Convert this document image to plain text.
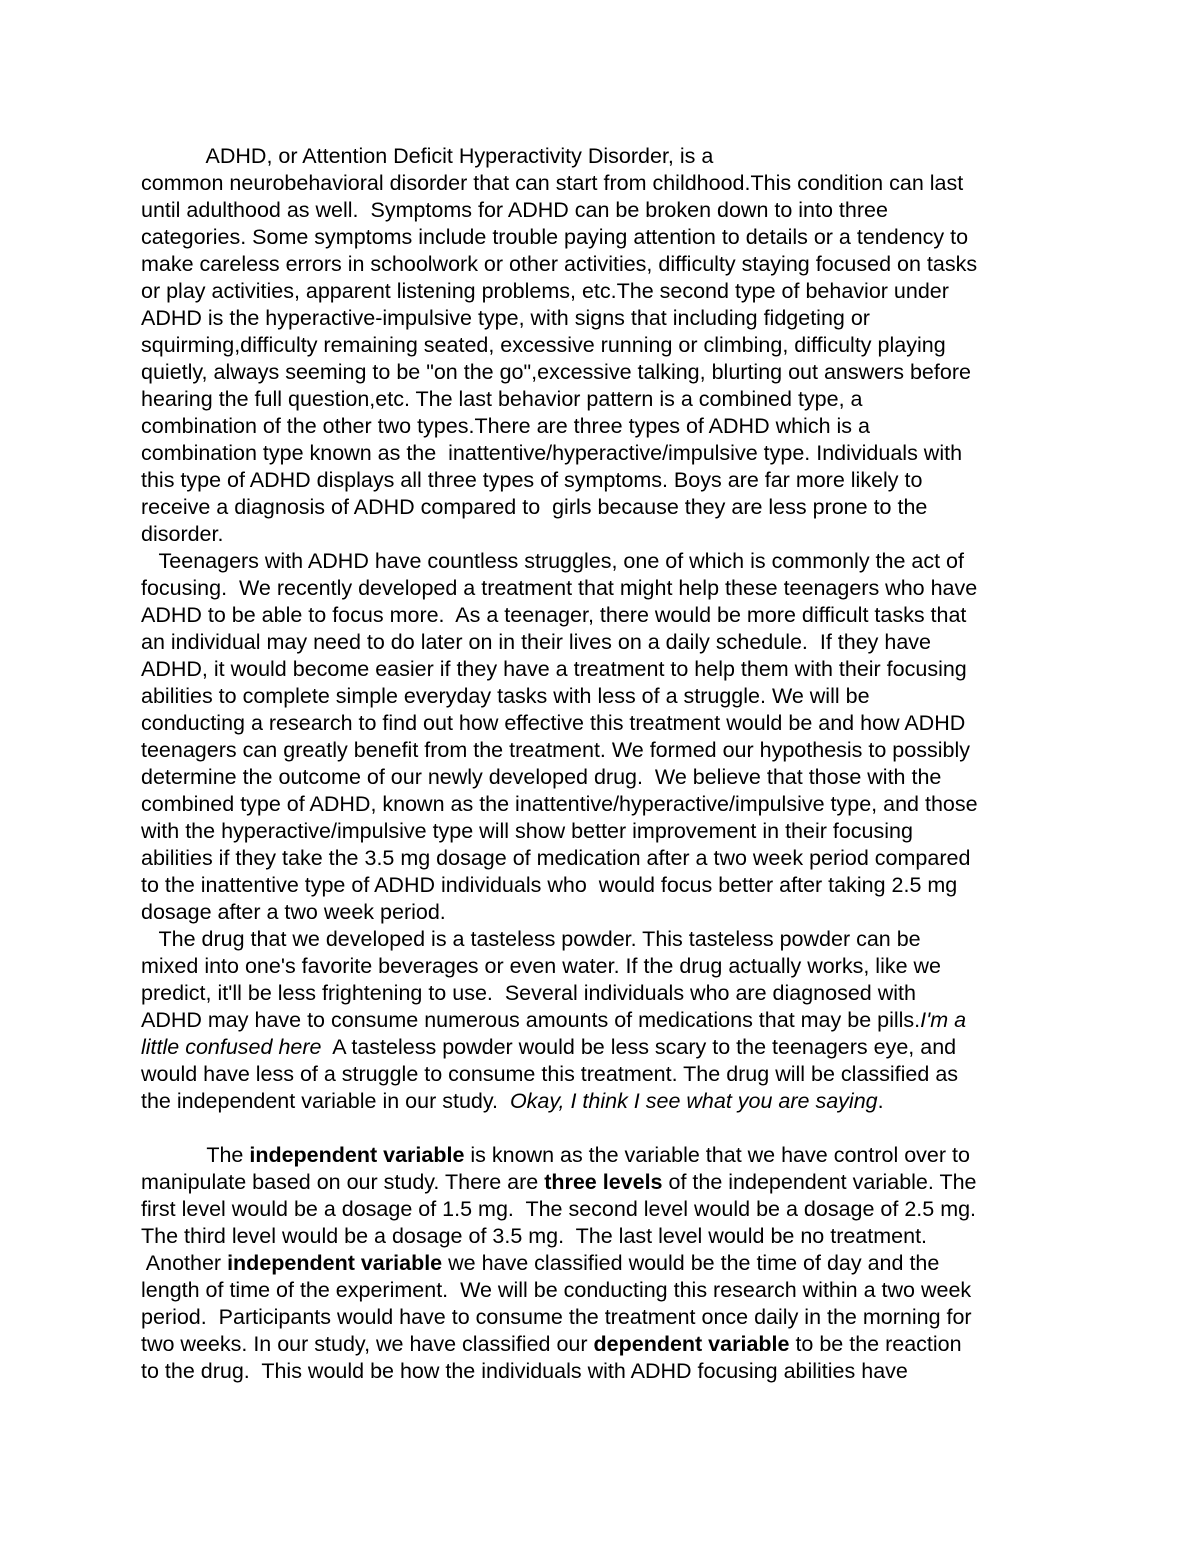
ADHD, or Attention Deficit Hyperactivity Disorder, is a
common neurobehavioral disorder that can start from childhood.This condition can last
until adulthood as well.  Symptoms for ADHD can be broken down to into three
categories. Some symptoms include trouble paying attention to details or a tendency to
make careless errors in schoolwork or other activities, difficulty staying focused on tasks
or play activities, apparent listening problems, etc.The second type of behavior under
ADHD is the hyperactive-impulsive type, with signs that including fidgeting or
squirming,difficulty remaining seated, excessive running or climbing, difficulty playing
quietly, always seeming to be "on the go",excessive talking, blurting out answers before
hearing the full question,etc. The last behavior pattern is a combined type, a
combination of the other two types.There are three types of ADHD which is a
combination type known as the  inattentive/hyperactive/impulsive type. Individuals with
this type of ADHD displays all three types of symptoms. Boys are far more likely to
receive a diagnosis of ADHD compared to  girls because they are less prone to the
disorder.
Teenagers with ADHD have countless struggles, one of which is commonly the act of
focusing.  We recently developed a treatment that might help these teenagers who have
ADHD to be able to focus more.  As a teenager, there would be more difficult tasks that
an individual may need to do later on in their lives on a daily schedule.  If they have
ADHD, it would become easier if they have a treatment to help them with their focusing
abilities to complete simple everyday tasks with less of a struggle. We will be
conducting a research to find out how effective this treatment would be and how ADHD
teenagers can greatly benefit from the treatment. We formed our hypothesis to possibly
determine the outcome of our newly developed drug.  We believe that those with the
combined type of ADHD, known as the inattentive/hyperactive/impulsive type, and those
with the hyperactive/impulsive type will show better improvement in their focusing
abilities if they take the 3.5 mg dosage of medication after a two week period compared
to the inattentive type of ADHD individuals who  would focus better after taking 2.5 mg
dosage after a two week period.
The drug that we developed is a tasteless powder. This tasteless powder can be
mixed into one's favorite beverages or even water. If the drug actually works, like we
predict, it'll be less frightening to use.  Several individuals who are diagnosed with
ADHD may have to consume numerous amounts of medications that may be pills.I'm a
little confused here  A tasteless powder would be less scary to the teenagers eye, and
would have less of a struggle to consume this treatment. The drug will be classified as
the independent variable in our study.  Okay, I think I see what you are saying.
The independent variable is known as the variable that we have control over to
manipulate based on our study. There are three levels of the independent variable. The
first level would be a dosage of 1.5 mg.  The second level would be a dosage of 2.5 mg.
The third level would be a dosage of 3.5 mg.  The last level would be no treatment.
Another independent variable we have classified would be the time of day and the
length of time of the experiment.  We will be conducting this research within a two week
period.  Participants would have to consume the treatment once daily in the morning for
two weeks. In our study, we have classified our dependent variable to be the reaction
to the drug.  This would be how the individuals with ADHD focusing abilities have
